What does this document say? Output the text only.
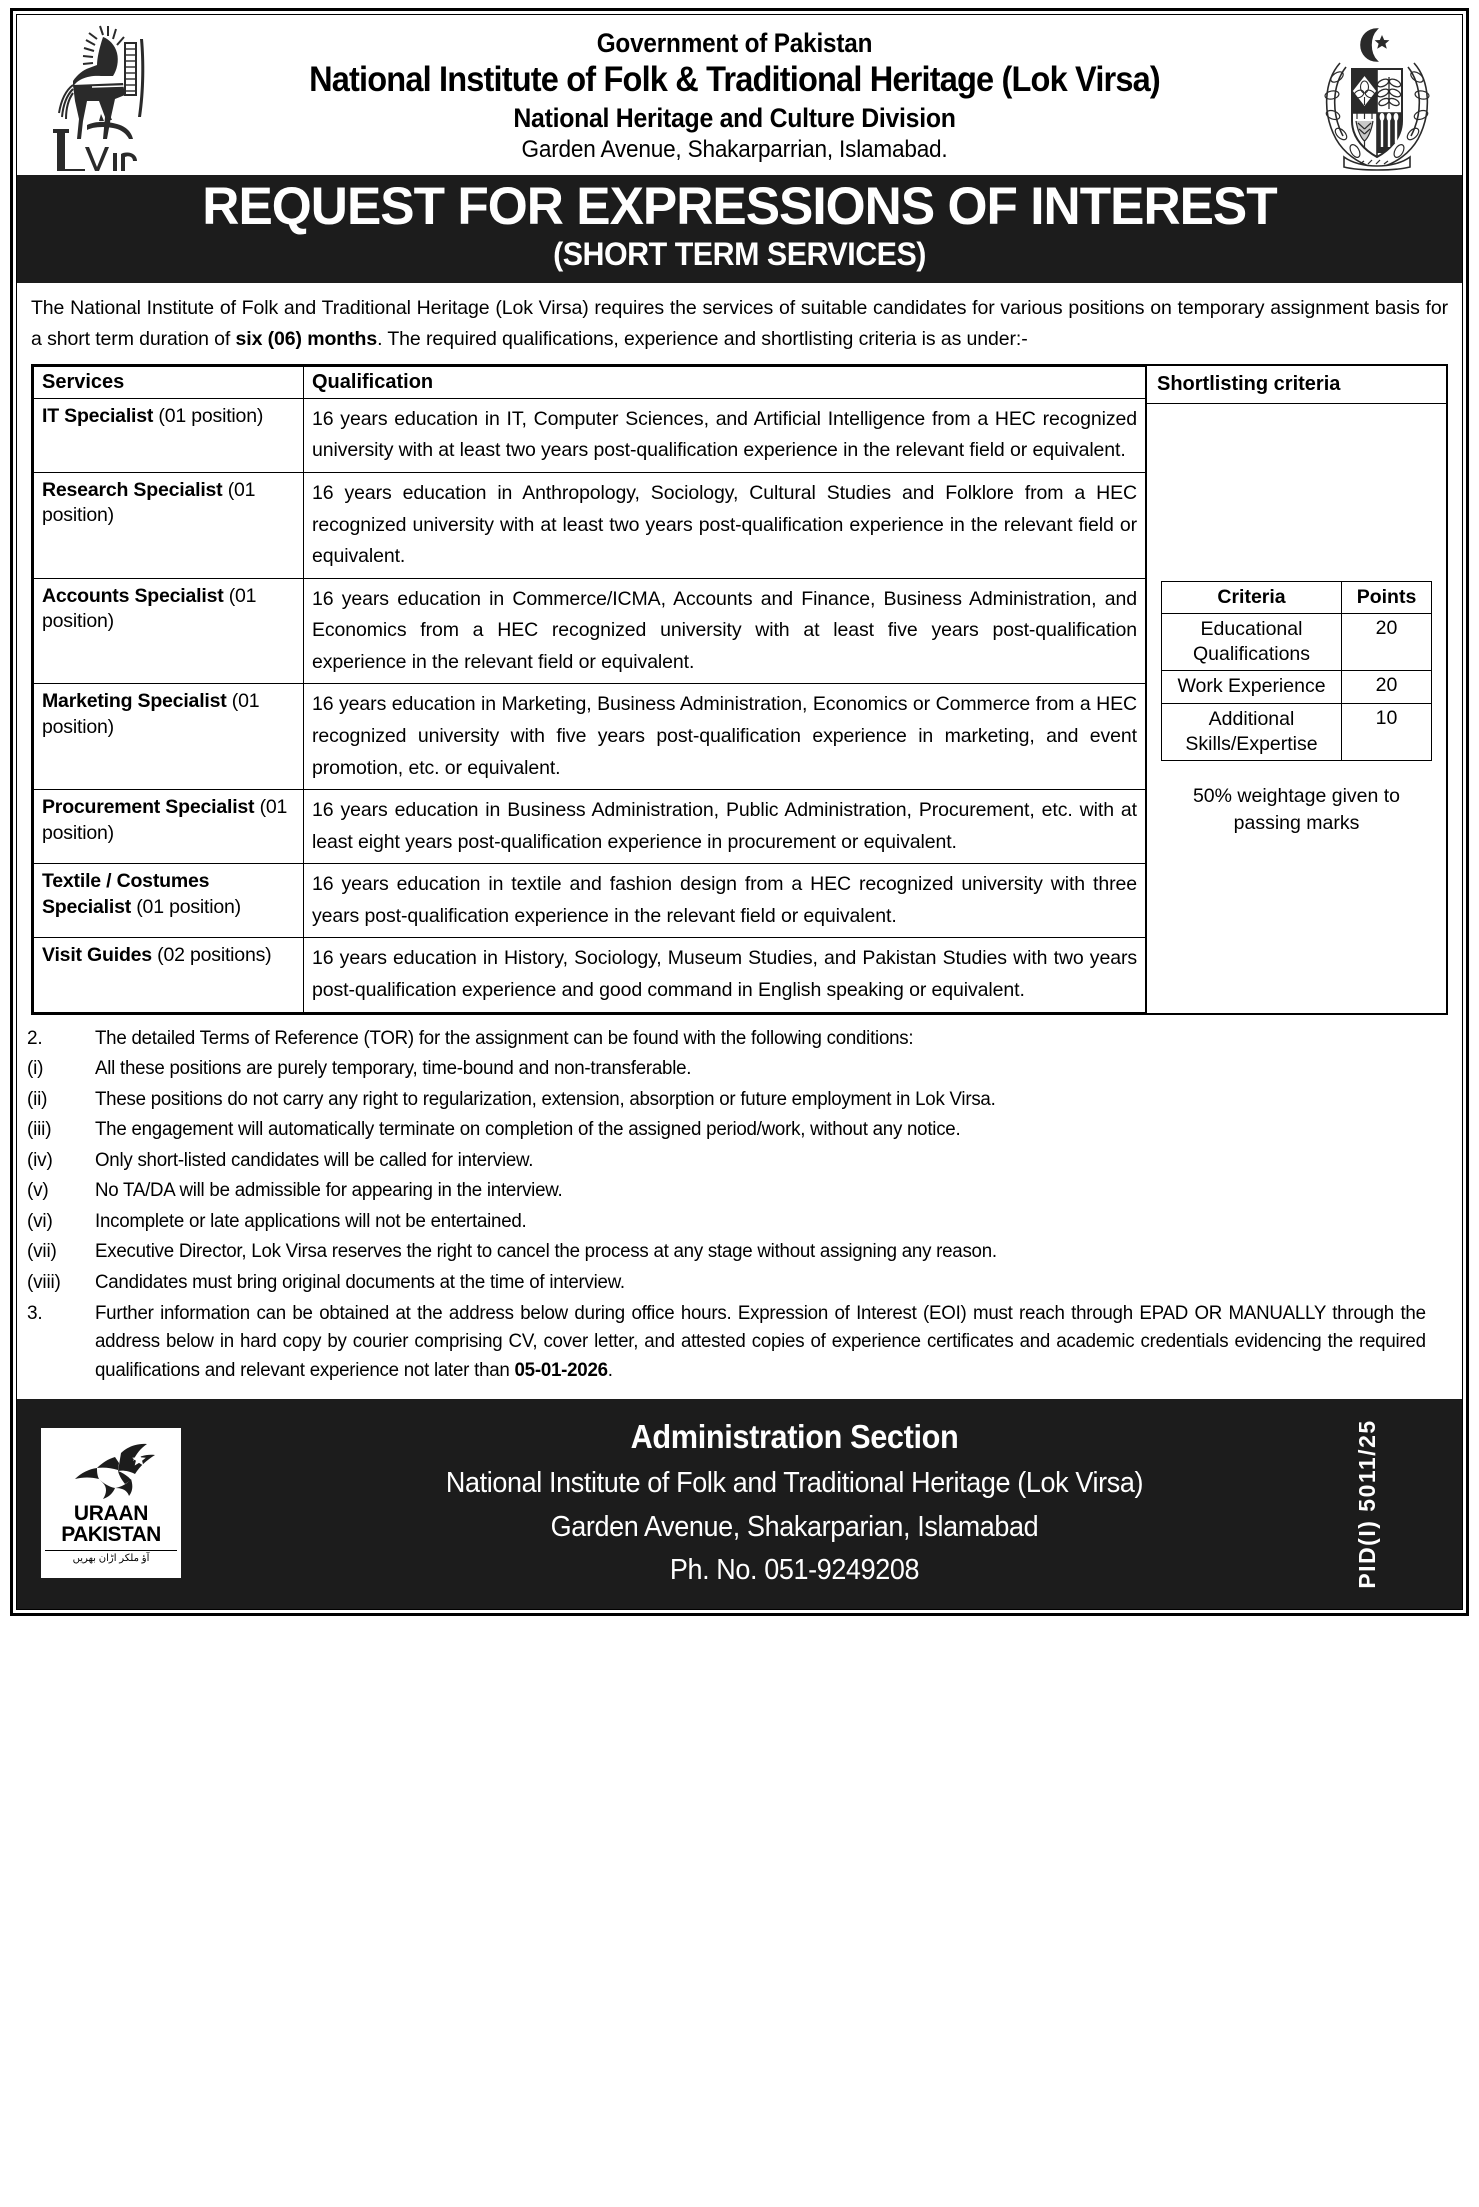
Government of Pakistan
National Institute of Folk & Traditional Heritage (Lok Virsa)
National Heritage and Culture Division
Garden Avenue, Shakarparrian, Islamabad.
REQUEST FOR EXPRESSIONS OF INTEREST
(SHORT TERM SERVICES)

The National Institute of Folk and Traditional Heritage (Lok Virsa) requires the services of suitable candidates for various positions on temporary assignment basis for a short term duration of six (06) months. The required qualifications, experience and shortlisting criteria is as under:-

Services	Qualification

IT Specialist (01 position)	16 years education in IT, Computer Sciences, and Artificial Intelligence from a HEC recognized university with at least two years post-qualification experience in the relevant field or equivalent.

Research Specialist (01 position)	16 years education in Anthropology, Sociology, Cultural Studies and Folklore from a HEC recognized university with at least two years post-qualification experience in the relevant field or equivalent.

Accounts Specialist (01 position)	16 years education in Commerce/ICMA, Accounts and Finance, Business Administration, and Economics from a HEC recognized university with at least five years post-qualification experience in the relevant field or equivalent.

Marketing Specialist (01 position)	16 years education in Marketing, Business Administration, Economics or Commerce from a HEC recognized university with five years post-qualification experience in marketing, and event promotion, etc. or equivalent.

Procurement Specialist (01 position)	16 years education in Business Administration, Public Administration, Procurement, etc. with at least eight years post-qualification experience in procurement or equivalent.

Textile / Costumes Specialist (01 position)	16 years education in textile and fashion design from a HEC recognized university with three years post-qualification experience in the relevant field or equivalent.

Visit Guides (02 positions)	16 years education in History, Sociology, Museum Studies, and Pakistan Studies with two years post-qualification experience and good command in English speaking or equivalent.
Shortlisting criteria
Criteria	Points
Educational Qualifications	20
Work Experience	20
Additional Skills/Expertise	10
50% weightage given to passing marks
2.	The detailed Terms of Reference (TOR) for the assignment can be found with the following conditions:
(i)	All these positions are purely temporary, time-bound and non-transferable.
(ii)	These positions do not carry any right to regularization, extension, absorption or future employment in Lok Virsa.
(iii)	The engagement will automatically terminate on completion of the assigned period/work, without any notice.
(iv)	Only short-listed candidates will be called for interview.
(v)	No TA/DA will be admissible for appearing in the interview.
(vi)	Incomplete or late applications will not be entertained.
(vii)	Executive Director, Lok Virsa reserves the right to cancel the process at any stage without assigning any reason.
(viii)	Candidates must bring original documents at the time of interview.
3.	Further information can be obtained at the address below during office hours. Expression of Interest (EOI) must reach through EPAD OR MANUALLY through the address below in hard copy by courier comprising CV, cover letter, and attested copies of experience certificates and academic credentials evidencing the required qualifications and relevant experience not later than 05-01-2026.
URAAN
PAKISTAN
آؤ ملکر اڑان بھریں
Administration Section
National Institute of Folk and Traditional Heritage (Lok Virsa)
Garden Avenue, Shakarparian, Islamabad
Ph. No. 051-9249208	PID(I) 5011/25
